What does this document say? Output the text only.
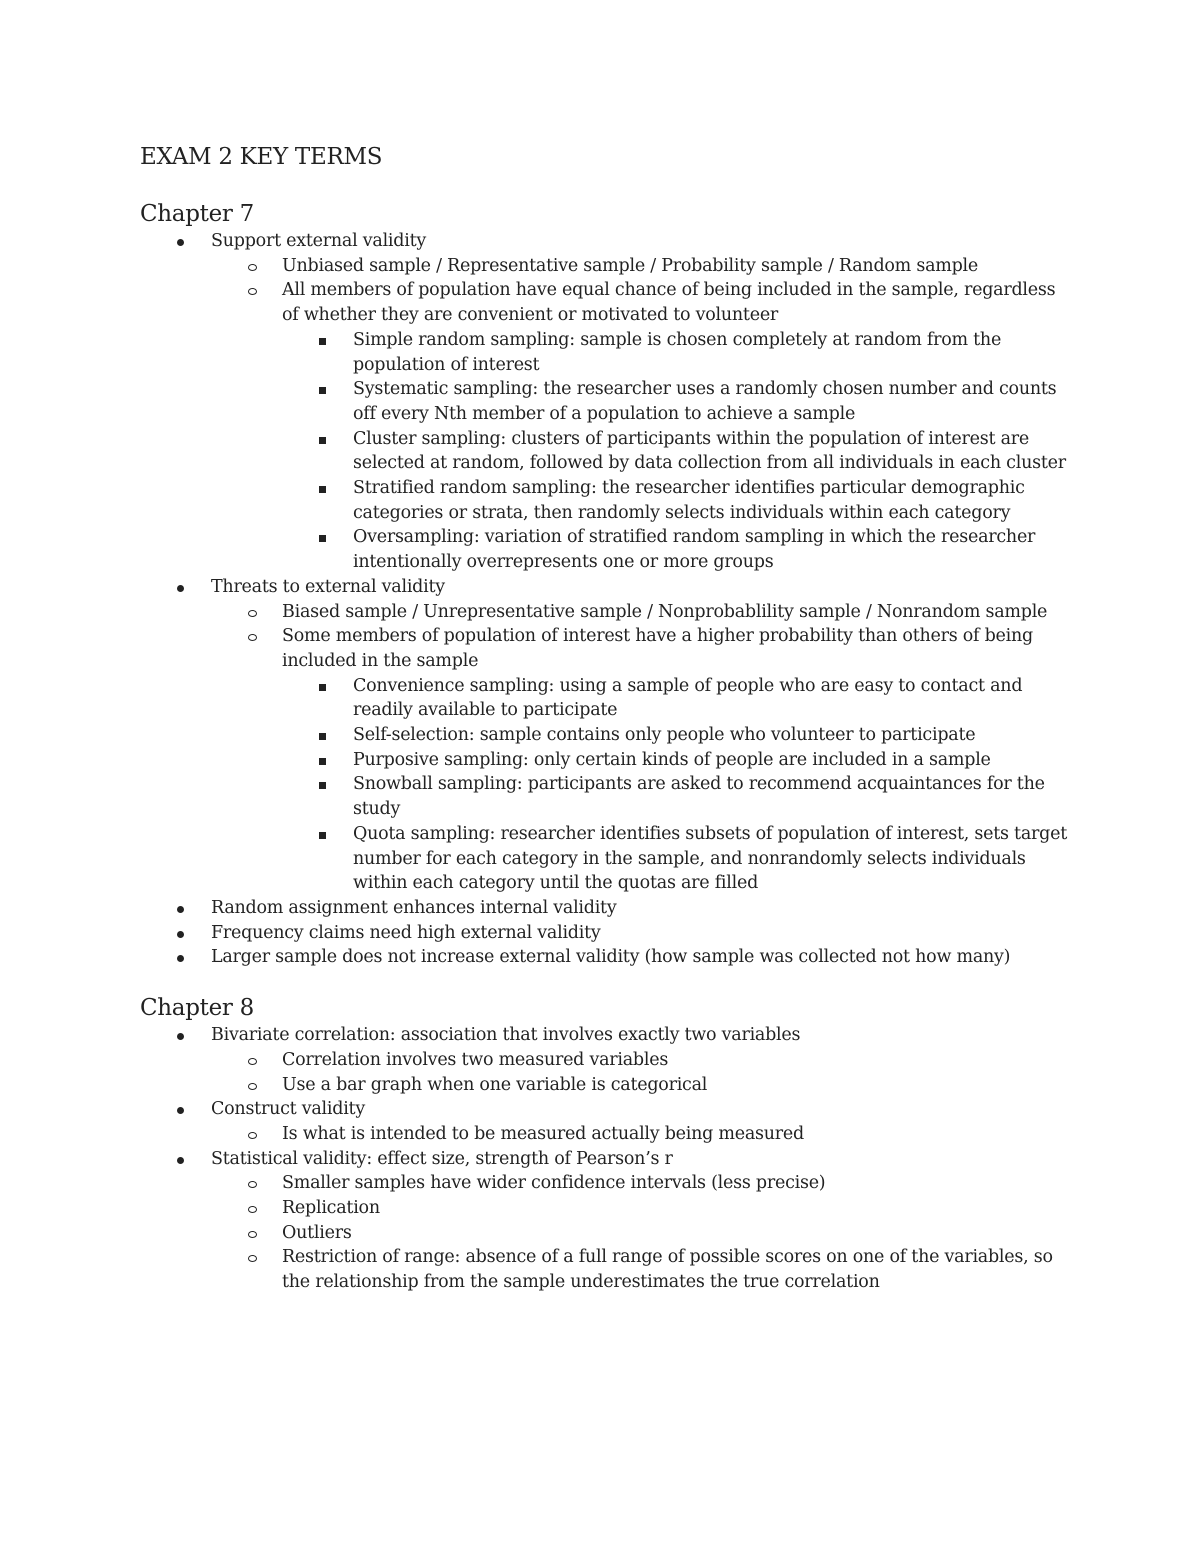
EXAM 2 KEY TERMS
Chapter 7
Support external validity
Unbiased sample / Representative sample / Probability sample / Random sample
All members of population have equal chance of being included in the sample, regardless of whether they are convenient or motivated to volunteer
Simple random sampling: sample is chosen completely at random from the population of interest
Systematic sampling: the researcher uses a randomly chosen number and counts off every Nth member of a population to achieve a sample
Cluster sampling: clusters of participants within the population of interest are selected at random, followed by data collection from all individuals in each cluster
Stratified random sampling: the researcher identifies particular demographic categories or strata, then randomly selects individuals within each category
Oversampling: variation of stratified random sampling in which the researcher intentionally overrepresents one or more groups
Threats to external validity
Biased sample / Unrepresentative sample / Nonprobablility sample / Nonrandom sample
Some members of population of interest have a higher probability than others of being included in the sample
Convenience sampling: using a sample of people who are easy to contact and readily available to participate
Self-selection: sample contains only people who volunteer to participate
Purposive sampling: only certain kinds of people are included in a sample
Snowball sampling: participants are asked to recommend acquaintances for the study
Quota sampling: researcher identifies subsets of population of interest, sets target number for each category in the sample, and nonrandomly selects individuals within each category until the quotas are filled
Random assignment enhances internal validity
Frequency claims need high external validity
Larger sample does not increase external validity (how sample was collected not how many)
Chapter 8
Bivariate correlation: association that involves exactly two variables
Correlation involves two measured variables
Use a bar graph when one variable is categorical
Construct validity
Is what is intended to be measured actually being measured
Statistical validity: effect size, strength of Pearson’s r
Smaller samples have wider confidence intervals (less precise)
Replication
Outliers
Restriction of range: absence of a full range of possible scores on one of the variables, so the relationship from the sample underestimates the true correlation
